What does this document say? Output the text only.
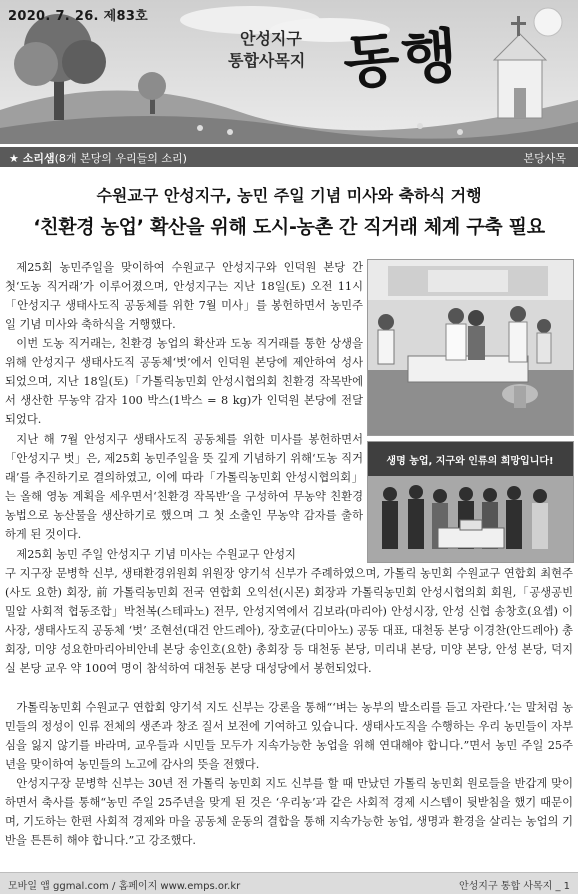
2020. 7. 26. 제83호
안성지구
통합사목지 동행
★ 소리샘(8개 본당의 우리들의 소리)	본당사목
수원교구 안성지구, 농민 주일 기념 미사와 축하식 거행
‘친환경 농업’ 확산을 위해 도시-농촌 간 직거래 체계 구축 필요

제25회 농민주일을 맞이하여 수원교구 안성지구와 인덕원 본당 간 첫‘도농 직거래’가 이루어졌으며, 안성지구는 지난 18일(토) 오전 11시「안성지구 생태사도직 공동체를 위한 7월 미사」를 봉헌하면서 농민주일 기념 미사와 축하식을 거행했다.

이번 도농 직거래는, 친환경 농업의 확산과 도농 직거래를 통한 상생을 위해 안성지구 생태사도직 공동체‘벗’에서 인덕원 본당에 제안하여 성사되었으며, 지난 18일(토)「가톨릭농민회 안성시협의회 친환경 작목반에서 생산한 무농약 감자 100 박스(1박스 = 8 kg)가 인덕원 본당에 전달되었다.

지난 해 7월 안성지구 생태사도직 공동체를 위한 미사를 봉헌하면서「안성지구 벗」은, 제25회 농민주일을 뜻 깊게 기념하기 위해‘도농 직거래’를 추진하기로 결의하였고, 이에 따라「가톨릭농민회 안성시협의회」는 올해 영농 계획을 세우면서‘친환경 작목반’을 구성하여 무농약 친환경 농법으로 농산물을 생산하기로 했으며 그 첫 소출인 무농약 감자를 출하하게 된 것이다.

제25회 농민 주일 안성지구 기념 미사는 수원교구 안성지

구 지구장 문병학 신부, 생태환경위원회 위원장 양기석 신부가 주례하였으며, 가톨릭 농민회 수원교구 연합회 최현주(사도 요한) 회장, 前 가톨릭농민회 전국 연합회 오익선(시몬) 회장과 가톨릭농민회 안성시협의회 회원,「공생공빈 밀알 사회적 협동조합」박천복(스테파노) 전무, 안성지역에서 김보라(마리아) 안성시장, 안성 신협 송창호(요셉) 이사장, 생태사도직 공동체 ‘벗’ 조현선(대건 안드레아), 장호균(다미아노) 공동 대표, 대천동 본당 이경찬(안드레아) 총회장, 미양 성요한마리아비안네 본당 송인호(요한) 총회장 등 대천동 본당, 미리내 본당, 미양 본당, 안성 본당, 덕지실 본당 교우 약 100여 명이 참석하여 대천동 본당 대성당에서 봉헌되었다.

가톨릭농민회 수원교구 연합회 양기석 지도 신부는 강론을 통해“‘벼는 농부의 발소리를 듣고 자란다.’는 말처럼 농민들의 정성이 인류 전체의 생존과 창조 질서 보전에 기여하고 있습니다. 생태사도직을 수행하는 우리 농민들이 자부심을 잃지 않기를 바라며, 교우들과 시민들 모두가 지속가능한 농업을 위해 연대해야 합니다.”면서 농민 주일 25주년을 맞이하여 농민들의 노고에 감사의 뜻을 전했다.

안성지구장 문병학 신부는 30년 전 가톨릭 농민회 지도 신부를 할 때 만났던 가톨릭 농민회 원로들을 반갑게 맞이하면서 축사를 통해“농민 주일 25주년을 맞게 된 것은 ‘우리농’과 같은 사회적 경제 시스템이 뒷받침을 했기 때문이며, 기도하는 한편 사회적 경제와 마을 공동체 운동의 결합을 통해 지속가능한 농업, 생명과 환경을 살리는 농업의 기반을 튼튼히 해야 합니다.”고 강조했다.

생명 농업, 지구와 인류의 희망입니다!
모바일 앱 ggmal.com / 홈페이지 www.emps.or.kr	안성지구 통합 사목지 _ 1
